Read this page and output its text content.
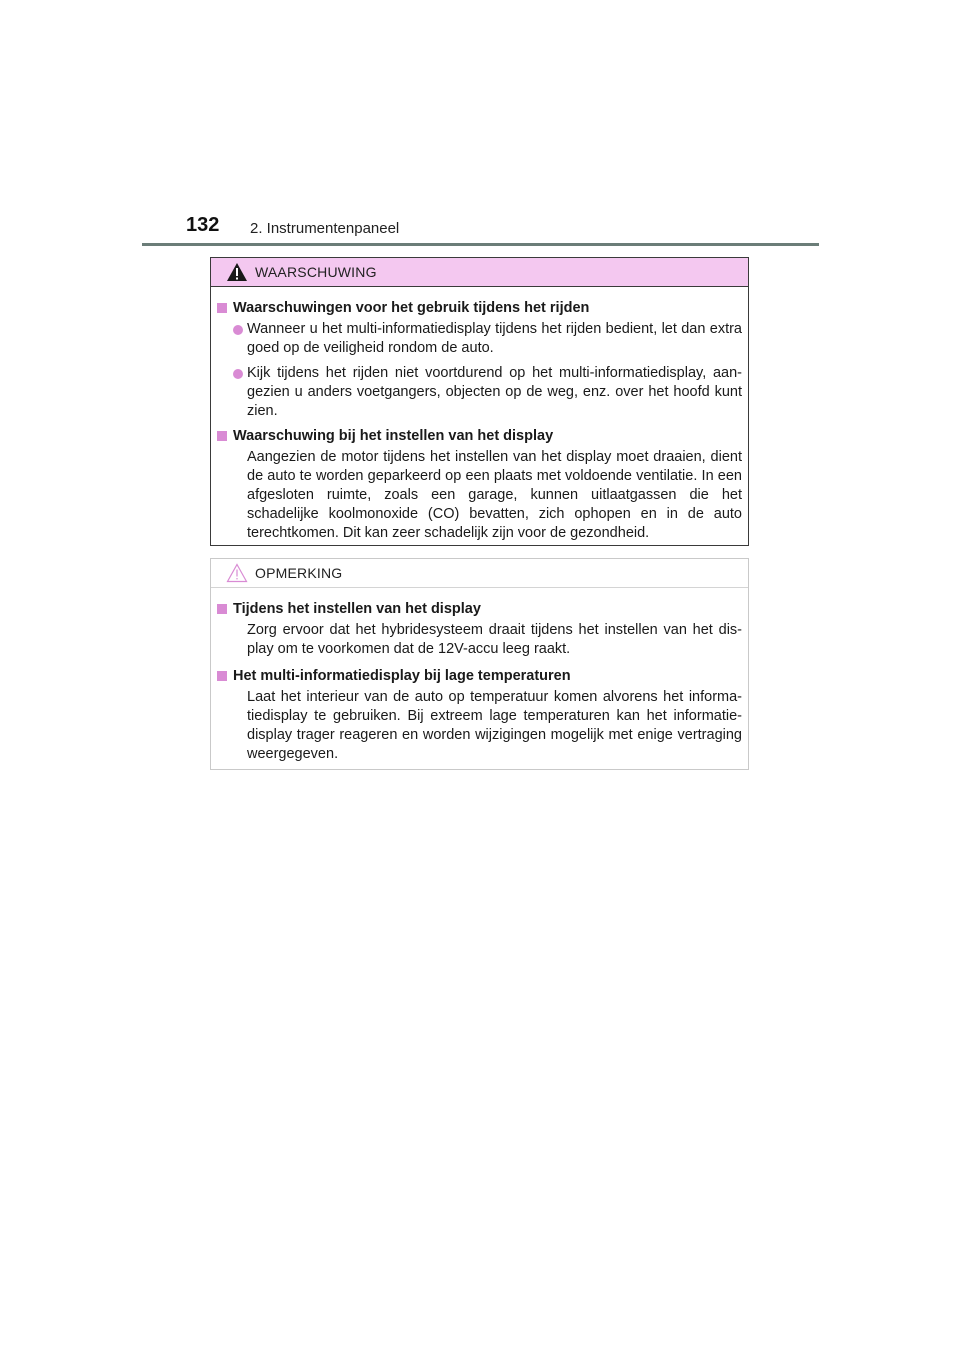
132 2. Instrumentenpaneel
WAARSCHUWING
Waarschuwingen voor het gebruik tijdens het rijden
Wanneer u het multi-informatiedisplay tijdens het rijden bedient, let dan extra goed op de veiligheid rondom de auto.
Kijk tijdens het rijden niet voortdurend op het multi-informatiedisplay, aan-gezien u anders voetgangers, objecten op de weg, enz. over het hoofd kunt zien.
Waarschuwing bij het instellen van het display
Aangezien de motor tijdens het instellen van het display moet draaien, dient de auto te worden geparkeerd op een plaats met voldoende ventilatie. In een afgesloten ruimte, zoals een garage, kunnen uitlaatgassen die het schadelijke koolmonoxide (CO) bevatten, zich ophopen en in de auto terechtkomen. Dit kan zeer schadelijk zijn voor de gezondheid.
OPMERKING
Tijdens het instellen van het display
Zorg ervoor dat het hybridesysteem draait tijdens het instellen van het dis-play om te voorkomen dat de 12V-accu leeg raakt.
Het multi-informatiedisplay bij lage temperaturen
Laat het interieur van de auto op temperatuur komen alvorens het informa-tiedisplay te gebruiken. Bij extreem lage temperaturen kan het informatie-display trager reageren en worden wijzigingen mogelijk met enige vertraging weergegeven.
